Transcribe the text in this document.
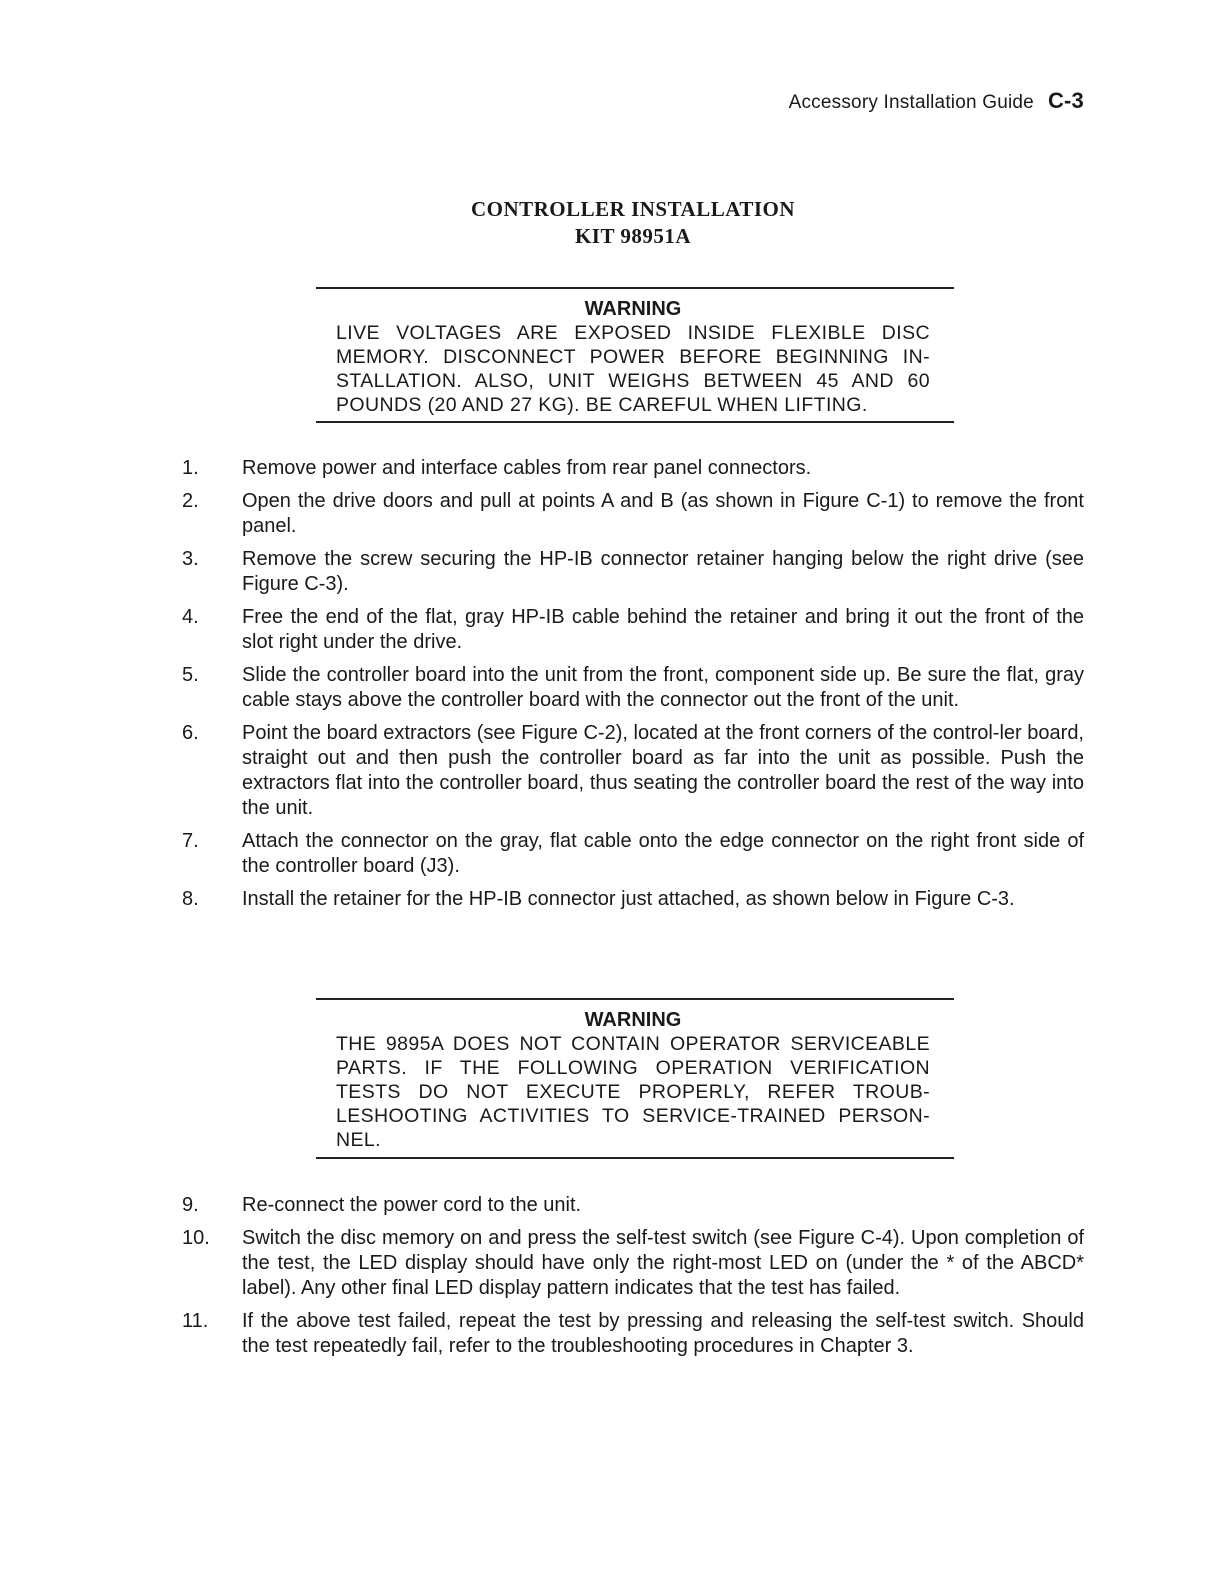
Accessory Installation Guide C-3
CONTROLLER INSTALLATION
KIT 98951A
WARNING
LIVE VOLTAGES ARE EXPOSED INSIDE FLEXIBLE DISC MEMORY. DISCONNECT POWER BEFORE BEGINNING IN-STALLATION. ALSO, UNIT WEIGHS BETWEEN 45 AND 60 POUNDS (20 AND 27 KG). BE CAREFUL WHEN LIFTING.
1.	Remove power and interface cables from rear panel connectors.
2.	Open the drive doors and pull at points A and B (as shown in Figure C-1) to remove the front panel.
3.	Remove the screw securing the HP-IB connector retainer hanging below the right drive (see Figure C-3).
4.	Free the end of the flat, gray HP-IB cable behind the retainer and bring it out the front of the slot right under the drive.
5.	Slide the controller board into the unit from the front, component side up. Be sure the flat, gray cable stays above the controller board with the connector out the front of the unit.
6.	Point the board extractors (see Figure C-2), located at the front corners of the control-ler board, straight out and then push the controller board as far into the unit as possible. Push the extractors flat into the controller board, thus seating the controller board the rest of the way into the unit.
7.	Attach the connector on the gray, flat cable onto the edge connector on the right front side of the controller board (J3).
8.	Install the retainer for the HP-IB connector just attached, as shown below in Figure C-3.
WARNING
THE 9895A DOES NOT CONTAIN OPERATOR SERVICEABLE PARTS. IF THE FOLLOWING OPERATION VERIFICATION TESTS DO NOT EXECUTE PROPERLY, REFER TROUB-LESHOOTING ACTIVITIES TO SERVICE-TRAINED PERSON-NEL.
9.	Re-connect the power cord to the unit.
10.	Switch the disc memory on and press the self-test switch (see Figure C-4). Upon completion of the test, the LED display should have only the right-most LED on (under the * of the ABCD* label). Any other final LED display pattern indicates that the test has failed.
11.	If the above test failed, repeat the test by pressing and releasing the self-test switch. Should the test repeatedly fail, refer to the troubleshooting procedures in Chapter 3.
